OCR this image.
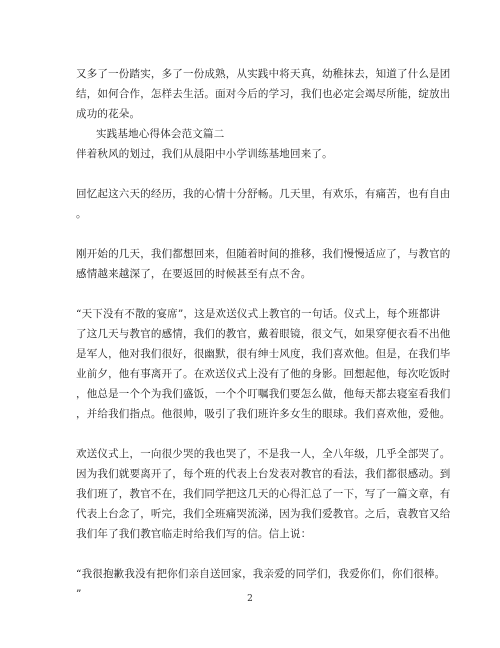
又多了一份踏实，多了一份成熟，从实践中将天真，幼稚抹去，知道了什么是团
结，如何合作，怎样去生活。面对今后的学习，我们也必定会竭尽所能，绽放出
成功的花朵。
实践基地心得体会范文篇二
伴着秋风的划过，我们从晨阳中小学训练基地回来了。
回忆起这六天的经历，我的心情十分舒畅。几天里，有欢乐，有痛苦，也有自由
。
刚开始的几天，我们都想回来，但随着时间的推移，我们慢慢适应了，与教官的
感情越来越深了，在要返回的时候甚至有点不舍。
“天下没有不散的宴席”，这是欢送仪式上教官的一句话。仪式上，每个班都讲
了这几天与教官的感情，我们的教官，戴着眼镜，很文气，如果穿便衣看不出他
是军人，他对我们很好，很幽默，很有绅士风度，我们喜欢他。但是，在我们毕
业前夕，他有事离开了。在欢送仪式上没有了他的身影。回想起他，每次吃饭时
，他总是一个个为我们盛饭，一个个叮嘱我们要怎么做，他每天都去寝室看我们
，并给我们指点。他很帅，吸引了我们班许多女生的眼球。我们喜欢他，爱他。
欢送仪式上，一向很少哭的我也哭了，不是我一人，全八年级，几乎全部哭了。
因为我们就要离开了，每个班的代表上台发表对教官的看法，我们都很感动。到
我们班了，教官不在，我们同学把这几天的心得汇总了一下，写了一篇文章，有
代表上台念了，听完，我们全班痛哭流涕，因为我们爱教官。之后，袁教官又给
我们年了我们教官临走时给我们写的信。信上说：
“我很抱歉我没有把你们亲自送回家，我亲爱的同学们，我爱你们，你们很棒。
”	2
